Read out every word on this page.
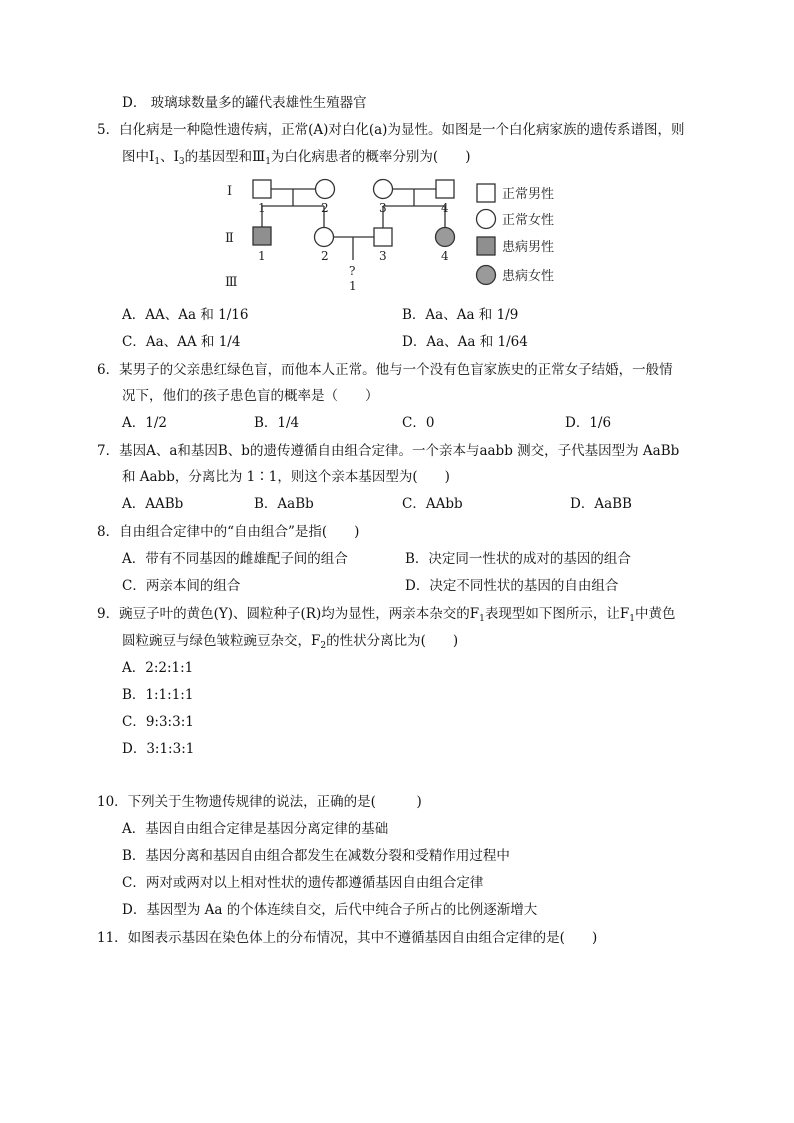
D． 玻璃球数量多的罐代表雄性生殖器官
5．白化病是一种隐性遗传病，正常(A)对白化(a)为显性。如图是一个白化病家族的遗传系谱图，则
图中$Ⅰ_1$、$Ⅰ_3$的基因型和$Ⅲ_1$为白化病患者的概率分别为(　　)
Ⅰ
Ⅱ
Ⅲ
1	2	3	4
1	2	3	4
?
1
正常男性
正常女性
患病男性
患病女性
A．AA、Aa 和 1/16	B．Aa、Aa 和 1/9
C．Aa、AA 和 1/4	D．Aa、Aa 和 1/64
6．某男子的父亲患红绿色盲，而他本人正常。他与一个没有色盲家族史的正常女子结婚，一般情
况下，他们的孩子患色盲的概率是（　　）
A．1/2	B．1/4	C．0	D．1/6
7．基因A、a和基因B、b的遗传遵循自由组合定律。一个亲本与aabb 测交，子代基因型为 AaBb
和 Aabb，分离比为 1∶1，则这个亲本基因型为(　　)
A．AABb	B．AaBb	C．AAbb	D．AaBB
8．自由组合定律中的“自由组合”是指(　　)
A．带有不同基因的雌雄配子间的组合	B．决定同一性状的成对的基因的组合
C．两亲本间的组合	D．决定不同性状的基因的自由组合
9．豌豆子叶的黄色(Y)、圆粒种子(R)均为显性，两亲本杂交的$F_1$表现型如下图所示，让$F_1$中黄色
圆粒豌豆与绿色皱粒豌豆杂交，$F_2$的性状分离比为(　　)
A．2:2:1:1
B．1:1:1:1
C．9:3:3:1
D．3:1:3:1
10．下列关于生物遗传规律的说法，正确的是(　　　)
A．基因自由组合定律是基因分离定律的基础
B．基因分离和基因自由组合都发生在减数分裂和受精作用过程中
C．两对或两对以上相对性状的遗传都遵循基因自由组合定律
D．基因型为 Aa 的个体连续自交，后代中纯合子所占的比例逐渐增大
11．如图表示基因在染色体上的分布情况，其中不遵循基因自由组合定律的是(　　)
